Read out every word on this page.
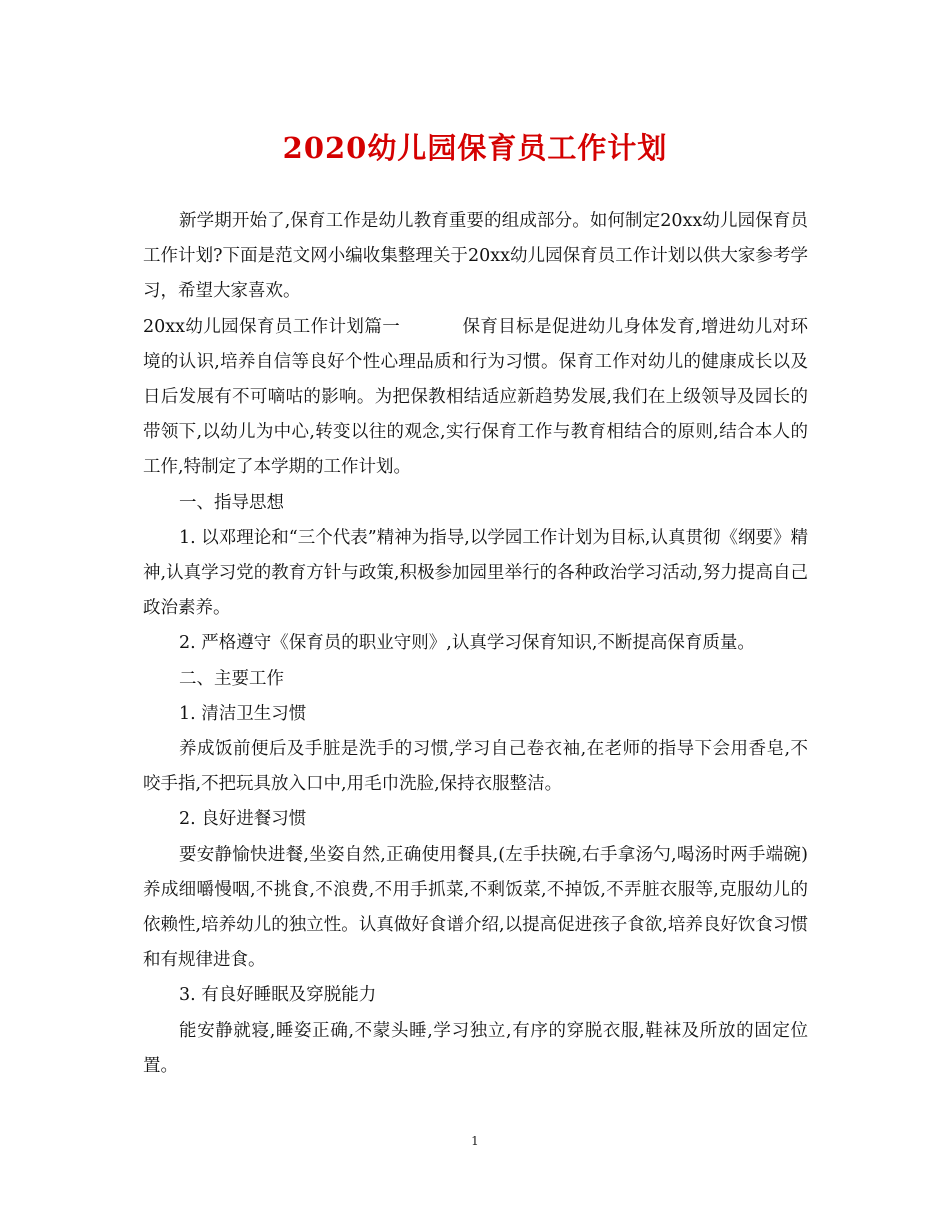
2020幼儿园保育员工作计划

新学期开始了,保育工作是幼儿教育重要的组成部分。如何制定20xx幼儿园保育员工作计划?下面是范文网小编收集整理关于20xx幼儿园保育员工作计划以供大家参考学习，希望大家喜欢。

20xx幼儿园保育员工作计划篇一	保育目标是促进幼儿身体发育,增进幼儿对环境的认识,培养自信等良好个性心理品质和行为习惯。保育工作对幼儿的健康成长以及日后发展有不可嘀咕的影响。为把保教相结适应新趋势发展,我们在上级领导及园长的带领下,以幼儿为中心,转变以往的观念,实行保育工作与教育相结合的原则,结合本人的工作,特制定了本学期的工作计划。

一、指导思想

1. 以邓理论和“三个代表”精神为指导,以学园工作计划为目标,认真贯彻《纲要》精神,认真学习党的教育方针与政策,积极参加园里举行的各种政治学习活动,努力提高自己政治素养。

2. 严格遵守《保育员的职业守则》,认真学习保育知识,不断提高保育质量。

二、主要工作

1. 清洁卫生习惯

养成饭前便后及手脏是洗手的习惯,学习自己卷衣袖,在老师的指导下会用香皂,不咬手指,不把玩具放入口中,用毛巾洗脸,保持衣服整洁。

2. 良好进餐习惯

要安静愉快进餐,坐姿自然,正确使用餐具,(左手扶碗,右手拿汤勺,喝汤时两手端碗)养成细嚼慢咽,不挑食,不浪费,不用手抓菜,不剩饭菜,不掉饭,不弄脏衣服等,克服幼儿的依赖性,培养幼儿的独立性。认真做好食谱介绍,以提高促进孩子食欲,培养良好饮食习惯和有规律进食。

3. 有良好睡眠及穿脱能力

能安静就寝,睡姿正确,不蒙头睡,学习独立,有序的穿脱衣服,鞋袜及所放的固定位置。

1
